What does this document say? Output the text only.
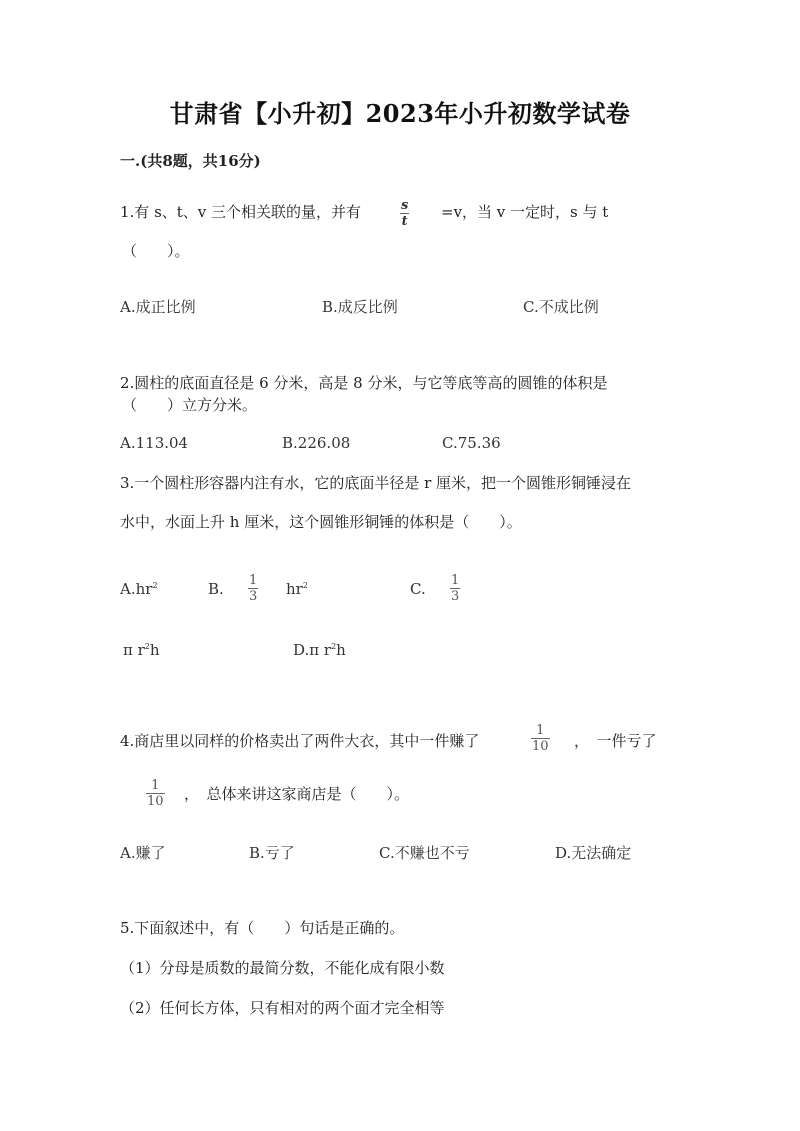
甘肃省【小升初】2023年小升初数学试卷
一.(共8题，共16分)
1.有 s、t、v 三个相关联的量，并有	$\frac{s}{t} =v$，当 v 一定时，s 与 t
（　　）。
A.成正比例	B.成反比例	C.不成比例
2.圆柱的底面直径是 6 分米，高是 8 分米，与它等底等高的圆锥的体积是
（　　）立方分米。
A.113.04	B.226.08	C.75.36
3.一个圆柱形容器内注有水，它的底面半径是 r 厘米，把一个圆锥形铜锤浸在
水中，水面上升 h 厘米，这个圆锥形铜锤的体积是（　　）。
$A.hr^2$	B. $\frac{1}{3} hr^2$	C. $\frac{1}{3}$
π $r^2h$	D.π $r^2h$
4.商店里以同样的价格卖出了两件大衣，其中一件赚了	$\frac{1}{10}$ ，　一件亏了
$\frac{1}{10}$ ，　总体来讲这家商店是（　　）。
A.赚了	B.亏了	C.不赚也不亏	D.无法确定
5.下面叙述中，有（　　）句话是正确的。
（1）分母是质数的最简分数，不能化成有限小数
（2）任何长方体，只有相对的两个面才完全相等
